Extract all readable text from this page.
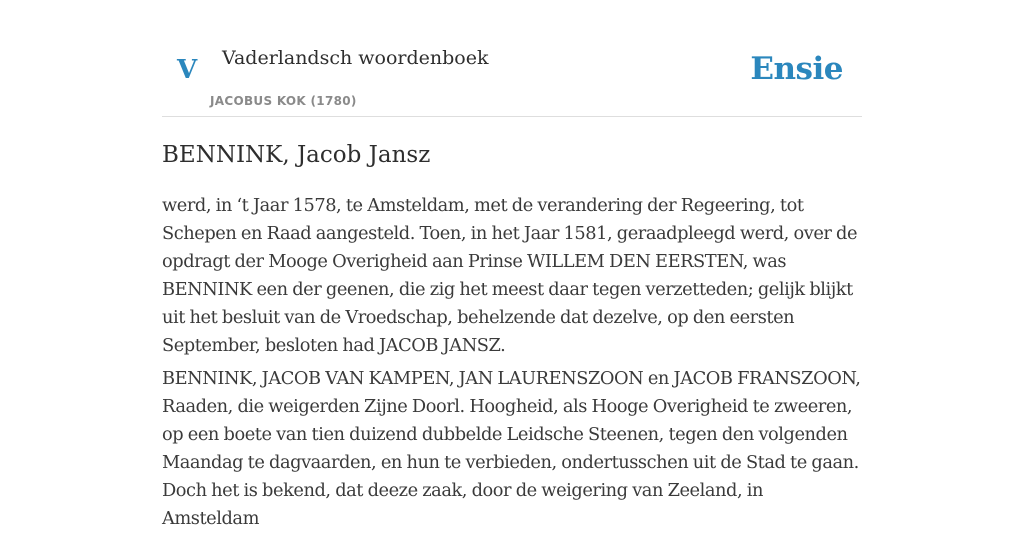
V Vaderlandsch woordenboek
JACOBUS KOK (1780)
Ensie
BENNINK, Jacob Jansz

werd, in ‘t Jaar 1578, te Amsteldam, met de verandering der Regeering, tot Schepen en Raad aangesteld. Toen, in het Jaar 1581, geraadpleegd werd, over de opdragt der Mooge Overigheid aan Prinse WILLEM DEN EERSTEN, was BENNINK een der geenen, die zig het meest daar tegen verzetteden; gelijk blijkt uit het besluit van de Vroedschap, behelzende dat dezelve, op den eersten September, besloten had JACOB JANSZ.

BENNINK, JACOB VAN KAMPEN, JAN LAURENSZOON en JACOB FRANSZOON, Raaden, die weigerden Zijne Doorl. Hoogheid, als Hooge Overigheid te zweeren, op een boete van tien duizend dubbelde Leidsche Steenen, tegen den volgenden Maandag te dagvaarden, en hun te verbieden, ondertusschen uit de Stad te gaan. Doch het is bekend, dat deeze zaak, door de weigering van Zeeland, in Amsteldam
